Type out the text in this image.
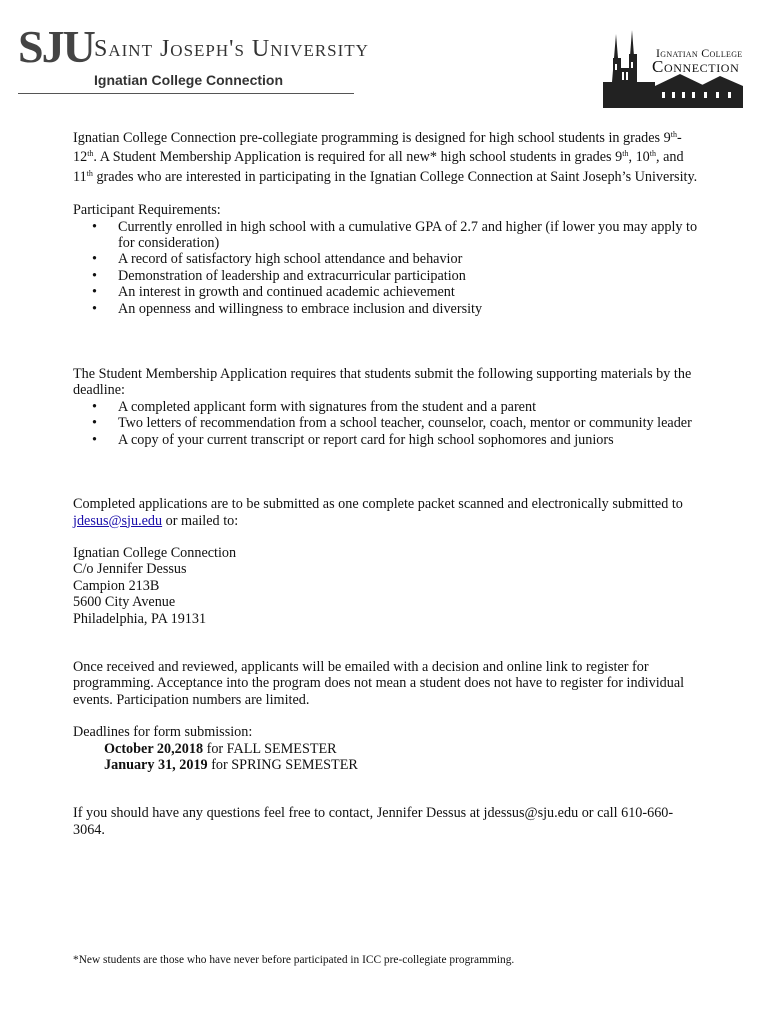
SJU Saint Joseph's University
Ignatian College Connection
Ignatian College
Connection

Ignatian College Connection pre-collegiate programming is designed for high school students in grades 9th-12th. A Student Membership Application is required for all new* high school students in grades 9th, 10th, and 11th grades who are interested in participating in the Ignatian College Connection at Saint Joseph’s University.

Participant Requirements:

• Currently enrolled in high school with a cumulative GPA of 2.7 and higher (if lower you may apply to for consideration)
• A record of satisfactory high school attendance and behavior
• Demonstration of leadership and extracurricular participation
• An interest in growth and continued academic achievement
• An openness and willingness to embrace inclusion and diversity

The Student Membership Application requires that students submit the following supporting materials by the deadline:

• A completed applicant form with signatures from the student and a parent
• Two letters of recommendation from a school teacher, counselor, coach, mentor or community leader
• A copy of your current transcript or report card for high school sophomores and juniors

Completed applications are to be submitted as one complete packet scanned and electronically submitted to jdesus@sju.edu or mailed to:

Ignatian College Connection

C/o Jennifer Dessus

Campion 213B

5600 City Avenue

Philadelphia, PA 19131

Once received and reviewed, applicants will be emailed with a decision and online link to register for programming. Acceptance into the program does not mean a student does not have to register for individual events. Participation numbers are limited.

Deadlines for form submission:

October 20,2018 for FALL SEMESTER

January 31, 2019 for SPRING SEMESTER

If you should have any questions feel free to contact, Jennifer Dessus at jdessus@sju.edu or call 610-660-3064.

*New students are those who have never before participated in ICC pre-collegiate programming.
